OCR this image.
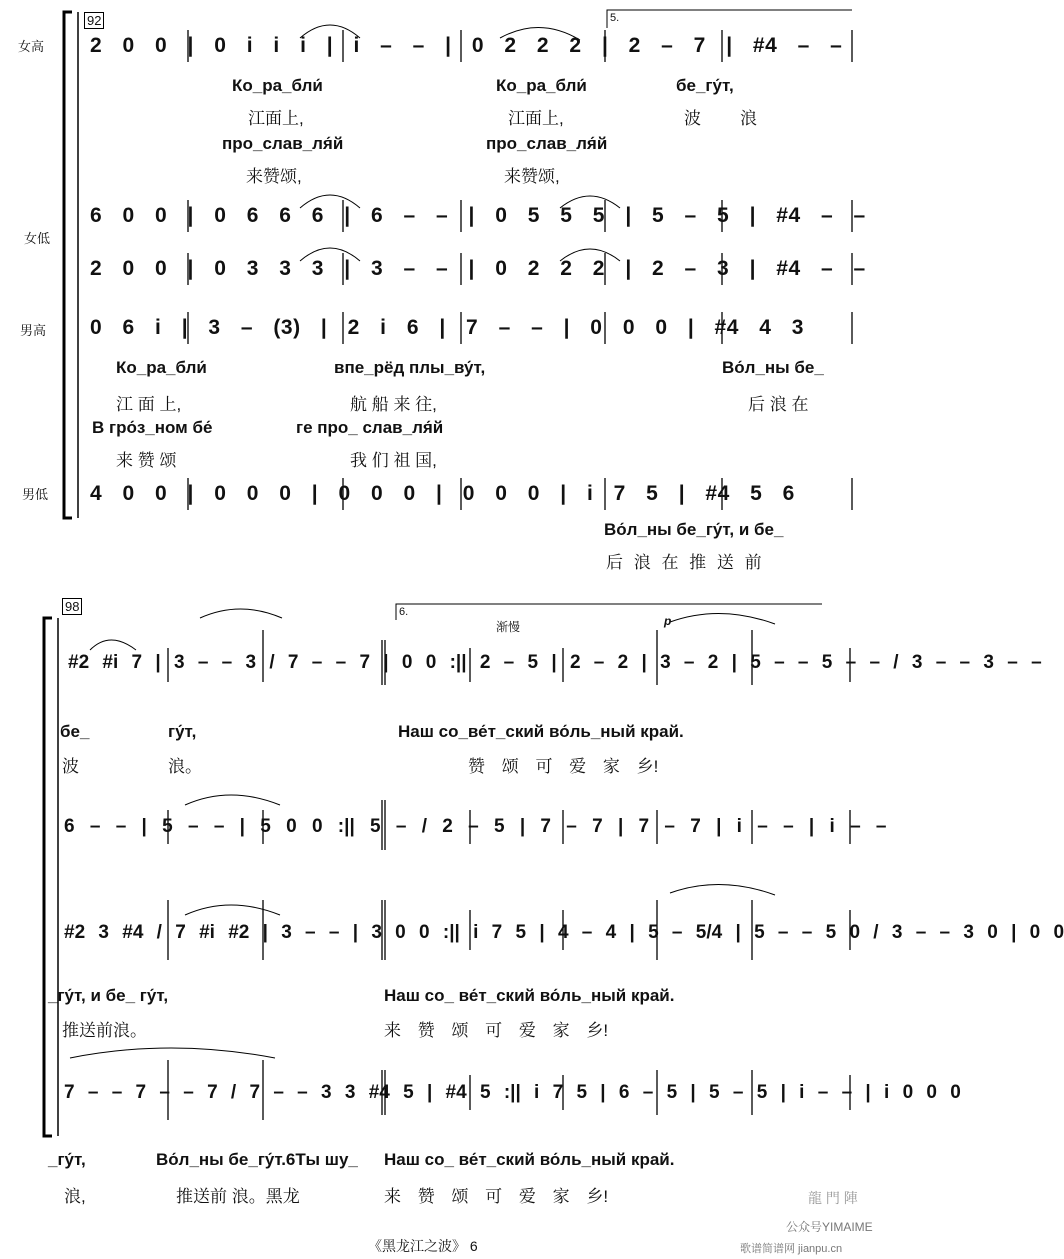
92	5.
女高 2 0 0 | 0 i i i | i – – | 0 2 2 2 | 2 – 7 | #4 – –
Ко_ра_бли́	Ко_ра_бли́	бе_гу́т,
江面上,	江面上,	波 浪
про_слав_ля́й	про_слав_ля́й
来赞颂,	来赞颂,
女低
6 0 0 | 0 6 6 6 | 6 – – | 0 5 5 5 | 5 – 5 | #4 – –
2 0 0 | 0 3 3 3 | 3 – – | 0 2 2 2 | 2 – 3 | #4 – –
男高 0 6 i | 3 – (3) | 2 i 6 | 7 – – | 0 0 0 | #4 4 3
Ко_ра_бли́	впе_рёд плы_ву́т,	Во́л_ны бе_
江 面 上,	航 船 来 往,	后 浪 在
В гро́з_ном бе́	ге про_ слав_ля́й
来 赞 颂	我 们 祖 国,
男低 4 0 0 | 0 0 0 | 0 0 0 | 0 0 0 | i 7 5 | #4 5 6
Во́л_ны бе_гу́т, и бе_
后 浪 在 推 送 前
98	6.
渐慢	p
#2 #i 7 | 3 – – 3 / 7 – – 7 | 0 0 :|| 2 – 5 | 2 – 2 | 3 – 2 | 5 – – 5 – – / 3 – – 3 – –
бе_	гу́т,	Наш со_ве́т_ский во́ль_ный край.
波	浪。	赞 颂 可 爱 家 乡!
6 – – | 5 – – | 5 0 0 :|| 5 – / 2 – 5 | 7 – 7 | 7 – 7 | i – – | i – –
#2 3 #4 / 7 #i #2 | 3 – – | 3 0 0 :|| i 7 5 | 4 – 4 | 5 – 5/4 | 5 – – 5 0 / 3 – – 3 0 | 0 0
_гу́т, и бе_ гу́т,	Наш со_ ве́т_ский во́ль_ный край.
推送前浪。	来 赞 颂 可 爱 家 乡!
7 – – 7 – – 7 / 7 – – 3 3 #4 5 | #4 5 :|| i 7 5 | 6 – 5 | 5 – 5 | i – – | i 0 0 0
_гу́т,	Во́л_ны бе_гу́т.6Ты шу_ Наш со_ ве́т_ский во́ль_ный край.
浪,	推送前 浪。黑龙	来 赞 颂 可 爱 家 乡!
《黑龙江之波》 6
龍 門 陣
公众号YIMAIME
歌谱简谱网 jianpu.cn
